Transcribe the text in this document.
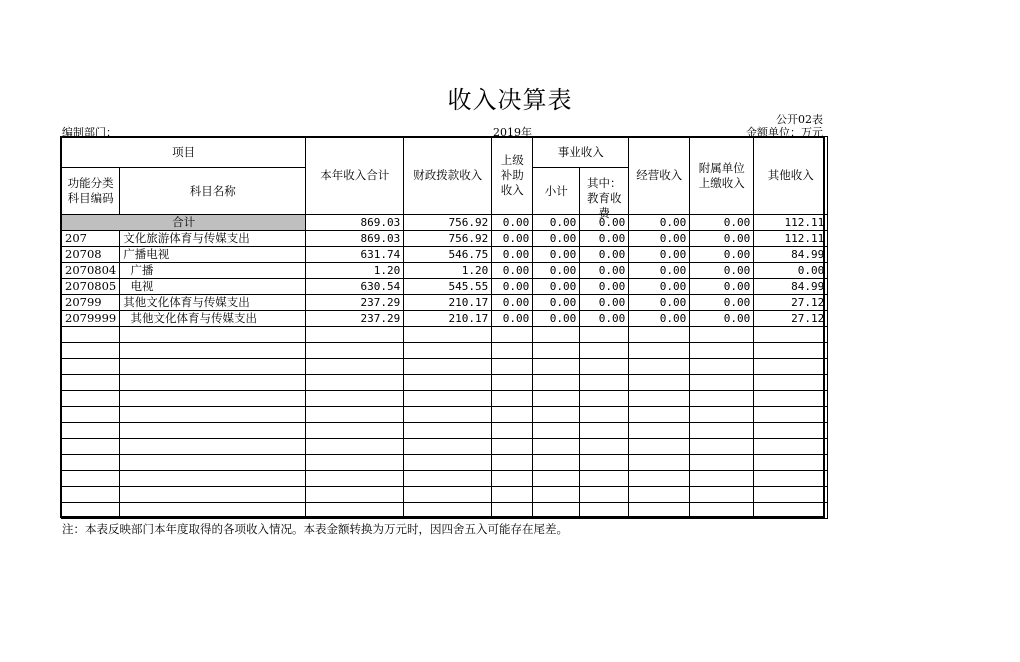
收入决算表
公开02表
编制部门：	2019年	金额单位：万元
项目		本年收入合计	财政拨款收入	上级补助收入	事业收入		经营收入	附属单位上缴收入	其他收入
功能分类科目编码	科目名称				小计	其中：教育收费			

合计		869.03	756.92	0.00	0.00	0.00	0.00	0.00	112.11
207	文化旅游体育与传媒支出	869.03	756.92	0.00	0.00	0.00	0.00	0.00	112.11
20708	广播电视	631.74	546.75	0.00	0.00	0.00	0.00	0.00	84.99
2070804	广播	1.20	1.20	0.00	0.00	0.00	0.00	0.00	0.00
2070805	电视	630.54	545.55	0.00	0.00	0.00	0.00	0.00	84.99
20799	其他文化体育与传媒支出	237.29	210.17	0.00	0.00	0.00	0.00	0.00	27.12
2079999	其他文化体育与传媒支出	237.29	210.17	0.00	0.00	0.00	0.00	0.00	27.12

注：本表反映部门本年度取得的各项收入情况。本表金额转换为万元时，因四舍五入可能存在尾差。
